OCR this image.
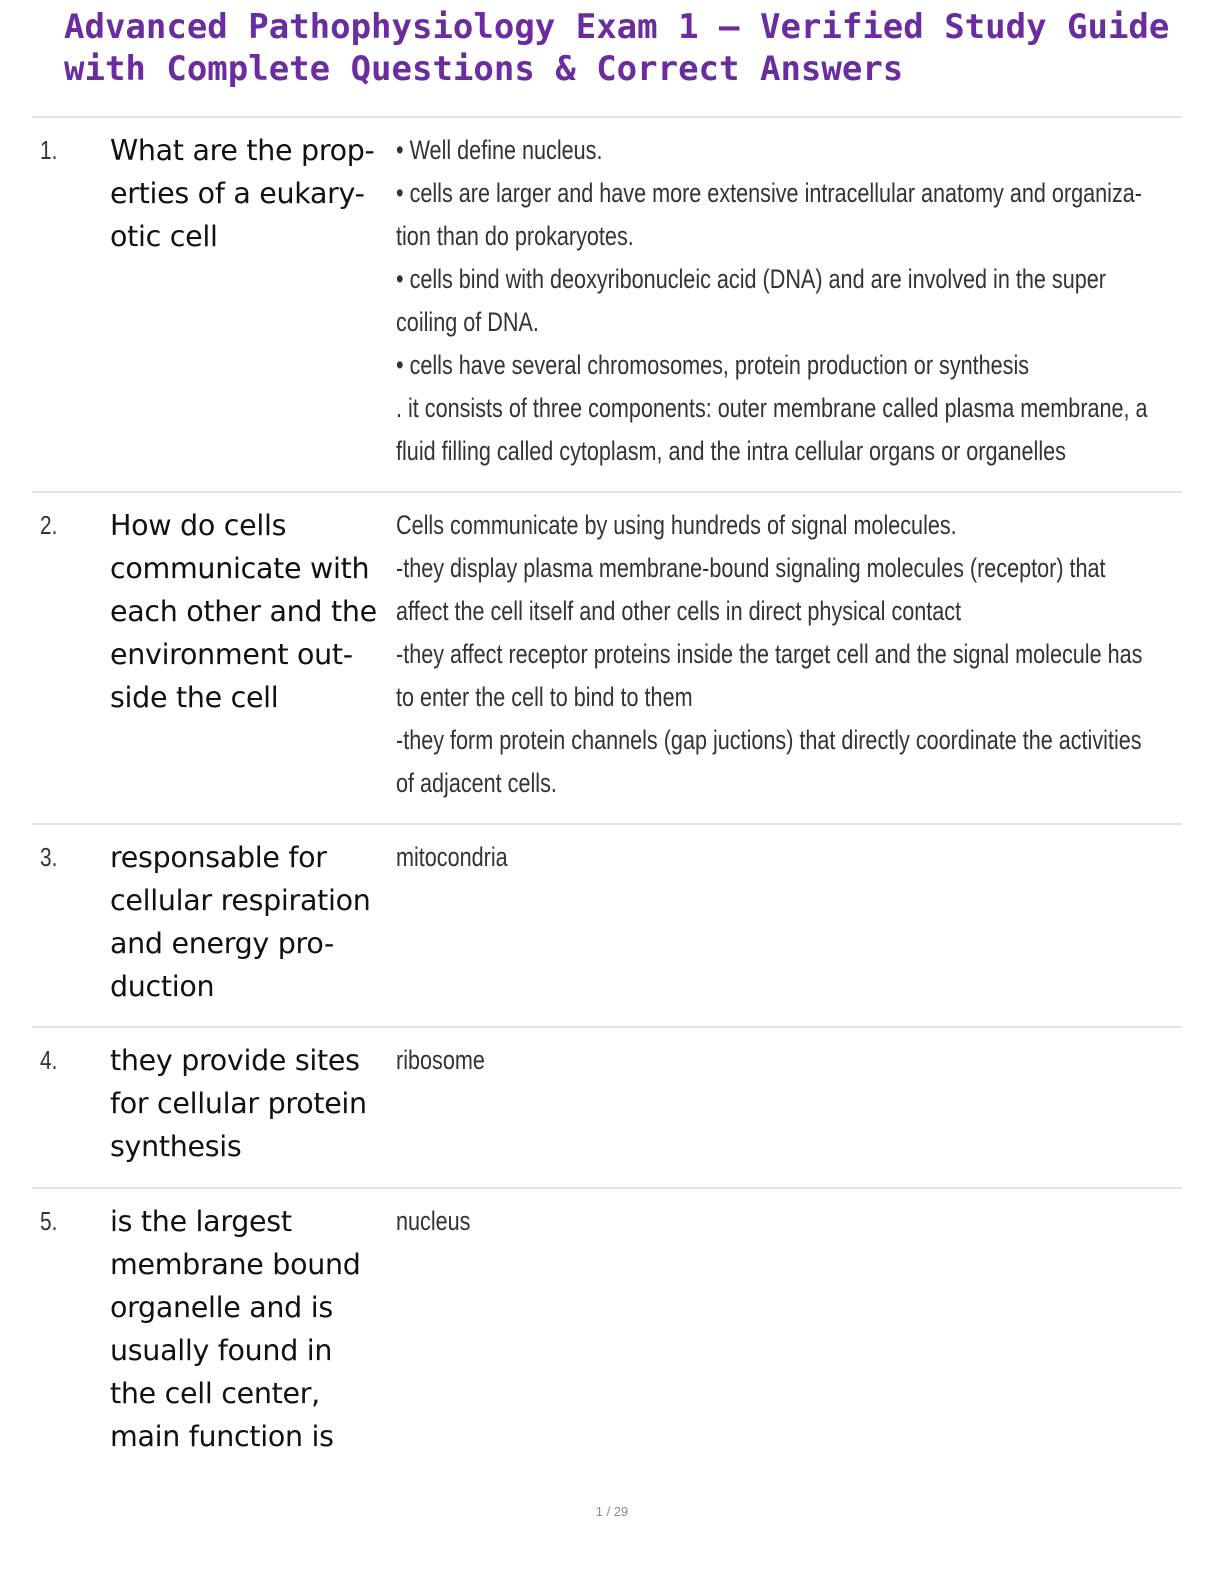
Advanced Pathophysiology Exam 1 – Verified Study Guide
with Complete Questions & Correct Answers
1. What are the prop-
erties of a eukary-
otic cell
• Well define nucleus.
• cells are larger and have more extensive intracellular anatomy and organiza-
tion than do prokaryotes.
• cells bind with deoxyribonucleic acid (DNA) and are involved in the super
coiling of DNA.
• cells have several chromosomes, protein production or synthesis
. it consists of three components: outer membrane called plasma membrane, a
fluid filling called cytoplasm, and the intra cellular organs or organelles
2. How do cells
communicate with
each other and the
environment out-
side the cell
Cells communicate by using hundreds of signal molecules.
-they display plasma membrane-bound signaling molecules (receptor) that
affect the cell itself and other cells in direct physical contact
-they affect receptor proteins inside the target cell and the signal molecule has
to enter the cell to bind to them
-they form protein channels (gap juctions) that directly coordinate the activities
of adjacent cells.
3. responsable for
cellular respiration
and energy pro-
duction
mitocondria
4. they provide sites
for cellular protein
synthesis
ribosome
5. is the largest
membrane bound
organelle and is
usually found in
the cell center,
main function is
nucleus
1 / 29
